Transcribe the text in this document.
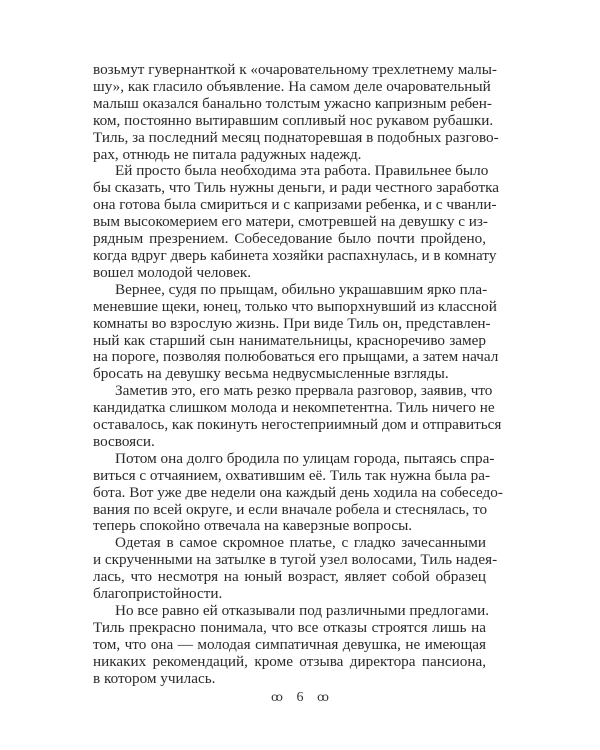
возьмут гувернанткой к «очаровательному трехлетнему малы-
шу», как гласило объявление. На самом деле очаровательный
малыш оказался банально толстым ужасно капризным ребен-
ком, постоянно вытиравшим сопливый нос рукавом рубашки.
Тиль, за последний месяц поднаторевшая в подобных разгово-
рах, отнюдь не питала радужных надежд.
Ей просто была необходима эта работа. Правильнее было
бы сказать, что Тиль нужны деньги, и ради честного заработка
она готова была смириться и с капризами ребенка, и с чванли-
вым высокомерием его матери, смотревшей на девушку с из-
рядным презрением. Собеседование было почти пройдено,
когда вдруг дверь кабинета хозяйки распахнулась, и в комнату
вошел молодой человек.
Вернее, судя по прыщам, обильно украшавшим ярко пла-
меневшие щеки, юнец, только что выпорхнувший из классной
комнаты во взрослую жизнь. При виде Тиль он, представлен-
ный как старший сын нанимательницы, красноречиво замер
на пороге, позволяя полюбоваться его прыщами, а затем начал
бросать на девушку весьма недвусмысленные взгляды.
Заметив это, его мать резко прервала разговор, заявив, что
кандидатка слишком молода и некомпетентна. Тиль ничего не
оставалось, как покинуть негостеприимный дом и отправиться
восвояси.
Потом она долго бродила по улицам города, пытаясь спра-
виться с отчаянием, охватившим её. Тиль так нужна была ра-
бота. Вот уже две недели она каждый день ходила на собеседо-
вания по всей округе, и если вначале робела и стеснялась, то
теперь спокойно отвечала на каверзные вопросы.
Одетая в самое скромное платье, с гладко зачесанными
и скрученными на затылке в тугой узел волосами, Тиль надея-
лась, что несмотря на юный возраст, являет собой образец
благопристойности.
Но все равно ей отказывали под различными предлогами.
Тиль прекрасно понимала, что все отказы строятся лишь на
том, что она — молодая симпатичная девушка, не имеющая
никаких рекомендаций, кроме отзыва директора пансиона,
в котором училась.
ꝏ 6 ꝏ
